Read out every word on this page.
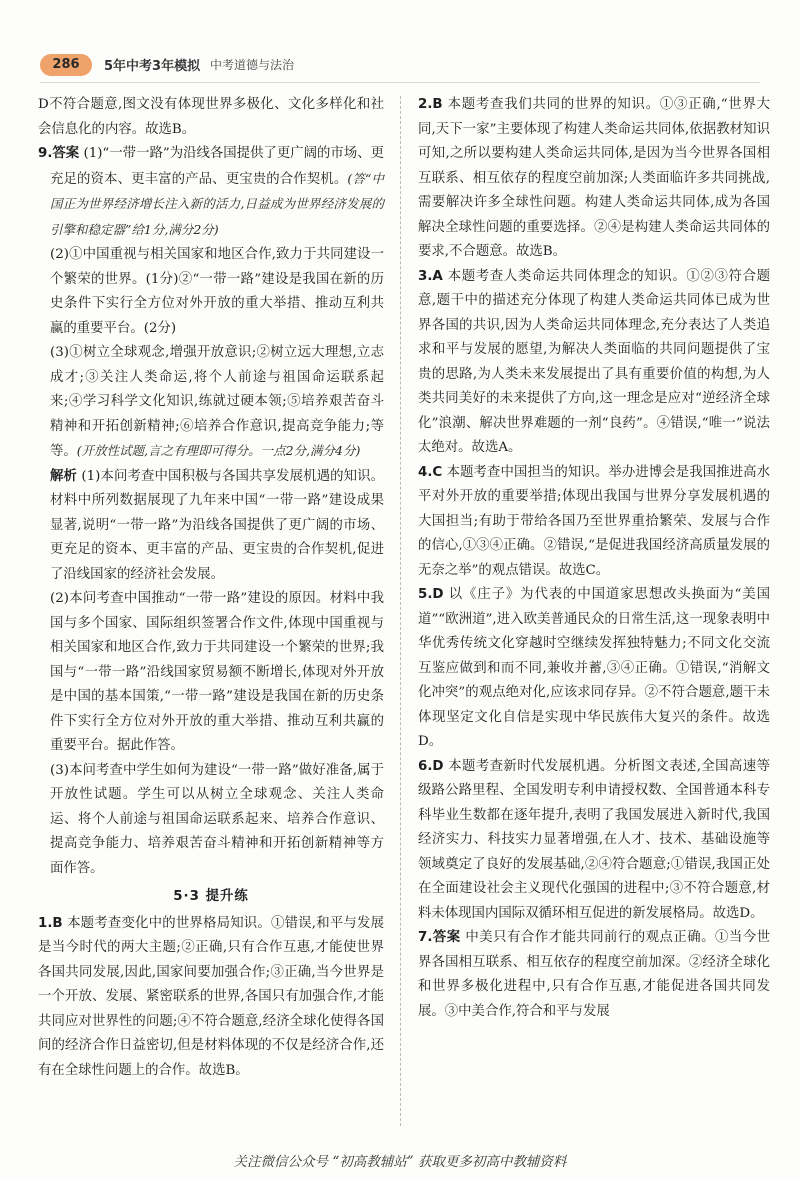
286	5年中考3年模拟 中考道德与法治

D不符合题意,图文没有体现世界多极化、文化多样化和社会信息化的内容。故选B。

9.答案 (1)“一带一路”为沿线各国提供了更广阔的市场、更充足的资本、更丰富的产品、更宝贵的合作契机。(答“中国正为世界经济增长注入新的活力,日益成为世界经济发展的引擎和稳定器”给1分,满分2分)

(2)①中国重视与相关国家和地区合作,致力于共同建设一个繁荣的世界。(1分)②“一带一路”建设是我国在新的历史条件下实行全方位对外开放的重大举措、推动互利共赢的重要平台。(2分)

(3)①树立全球观念,增强开放意识;②树立远大理想,立志成才;③关注人类命运,将个人前途与祖国命运联系起来;④学习科学文化知识,练就过硬本领;⑤培养艰苦奋斗精神和开拓创新精神;⑥培养合作意识,提高竞争能力;等等。(开放性试题,言之有理即可得分。一点2分,满分4分)

解析 (1)本问考查中国积极与各国共享发展机遇的知识。材料中所列数据展现了九年来中国“一带一路”建设成果显著,说明“一带一路”为沿线各国提供了更广阔的市场、更充足的资本、更丰富的产品、更宝贵的合作契机,促进了沿线国家的经济社会发展。

(2)本问考查中国推动“一带一路”建设的原因。材料中我国与多个国家、国际组织签署合作文件,体现中国重视与相关国家和地区合作,致力于共同建设一个繁荣的世界;我国与“一带一路”沿线国家贸易额不断增长,体现对外开放是中国的基本国策,“一带一路”建设是我国在新的历史条件下实行全方位对外开放的重大举措、推动互利共赢的重要平台。据此作答。

(3)本问考查中学生如何为建设“一带一路”做好准备,属于开放性试题。学生可以从树立全球观念、关注人类命运、将个人前途与祖国命运联系起来、培养合作意识、提高竞争能力、培养艰苦奋斗精神和开拓创新精神等方面作答。

5·3 提升练

1.B 本题考查变化中的世界格局知识。①错误,和平与发展是当今时代的两大主题;②正确,只有合作互惠,才能使世界各国共同发展,因此,国家间要加强合作;③正确,当今世界是一个开放、发展、紧密联系的世界,各国只有加强合作,才能共同应对世界性的问题;④不符合题意,经济全球化使得各国间的经济合作日益密切,但是材料体现的不仅是经济合作,还有在全球性问题上的合作。故选B。

2.B 本题考查我们共同的世界的知识。①③正确,“世界大同,天下一家”主要体现了构建人类命运共同体,依据教材知识可知,之所以要构建人类命运共同体,是因为当今世界各国相互联系、相互依存的程度空前加深;人类面临许多共同挑战,需要解决许多全球性问题。构建人类命运共同体,成为各国解决全球性问题的重要选择。②④是构建人类命运共同体的要求,不合题意。故选B。

3.A 本题考查人类命运共同体理念的知识。①②③符合题意,题干中的描述充分体现了构建人类命运共同体已成为世界各国的共识,因为人类命运共同体理念,充分表达了人类追求和平与发展的愿望,为解决人类面临的共同问题提供了宝贵的思路,为人类未来发展提出了具有重要价值的构想,为人类共同美好的未来提供了方向,这一理念是应对“逆经济全球化”浪潮、解决世界难题的一剂“良药”。④错误,“唯一”说法太绝对。故选A。

4.C 本题考查中国担当的知识。举办进博会是我国推进高水平对外开放的重要举措;体现出我国与世界分享发展机遇的大国担当;有助于带给各国乃至世界重拾繁荣、发展与合作的信心,①③④正确。②错误,“是促进我国经济高质量发展的无奈之举”的观点错误。故选C。

5.D 以《庄子》为代表的中国道家思想改头换面为“美国道”“欧洲道”,进入欧美普通民众的日常生活,这一现象表明中华优秀传统文化穿越时空继续发挥独特魅力;不同文化交流互鉴应做到和而不同,兼收并蓄,③④正确。①错误,“消解文化冲突”的观点绝对化,应该求同存异。②不符合题意,题干未体现坚定文化自信是实现中华民族伟大复兴的条件。故选D。

6.D 本题考查新时代发展机遇。分析图文表述,全国高速等级路公路里程、全国发明专利申请授权数、全国普通本科专科毕业生数都在逐年提升,表明了我国发展进入新时代,我国经济实力、科技实力显著增强,在人才、技术、基础设施等领域奠定了良好的发展基础,②④符合题意;①错误,我国正处在全面建设社会主义现代化强国的进程中;③不符合题意,材料未体现国内国际双循环相互促进的新发展格局。故选D。

7.答案 中美只有合作才能共同前行的观点正确。①当今世界各国相互联系、相互依存的程度空前加深。②经济全球化和世界多极化进程中,只有合作互惠,才能促进各国共同发展。③中美合作,符合和平与发展

关注微信公众号 “初高教辅站” 获取更多初高中教辅资料
